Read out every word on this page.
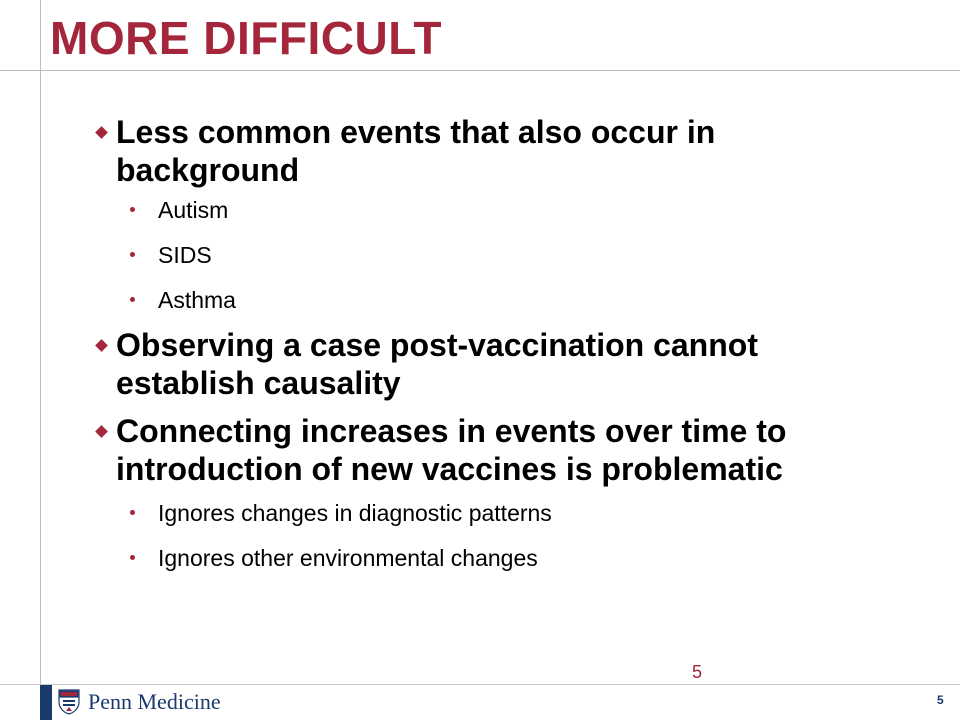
MORE DIFFICULT
Less common events that also occur in background
Autism
SIDS
Asthma
Observing a case post-vaccination cannot establish causality
Connecting increases in events over time to introduction of new vaccines is problematic
Ignores changes in diagnostic patterns
Ignores other environmental changes
5
Penn Medicine	5
